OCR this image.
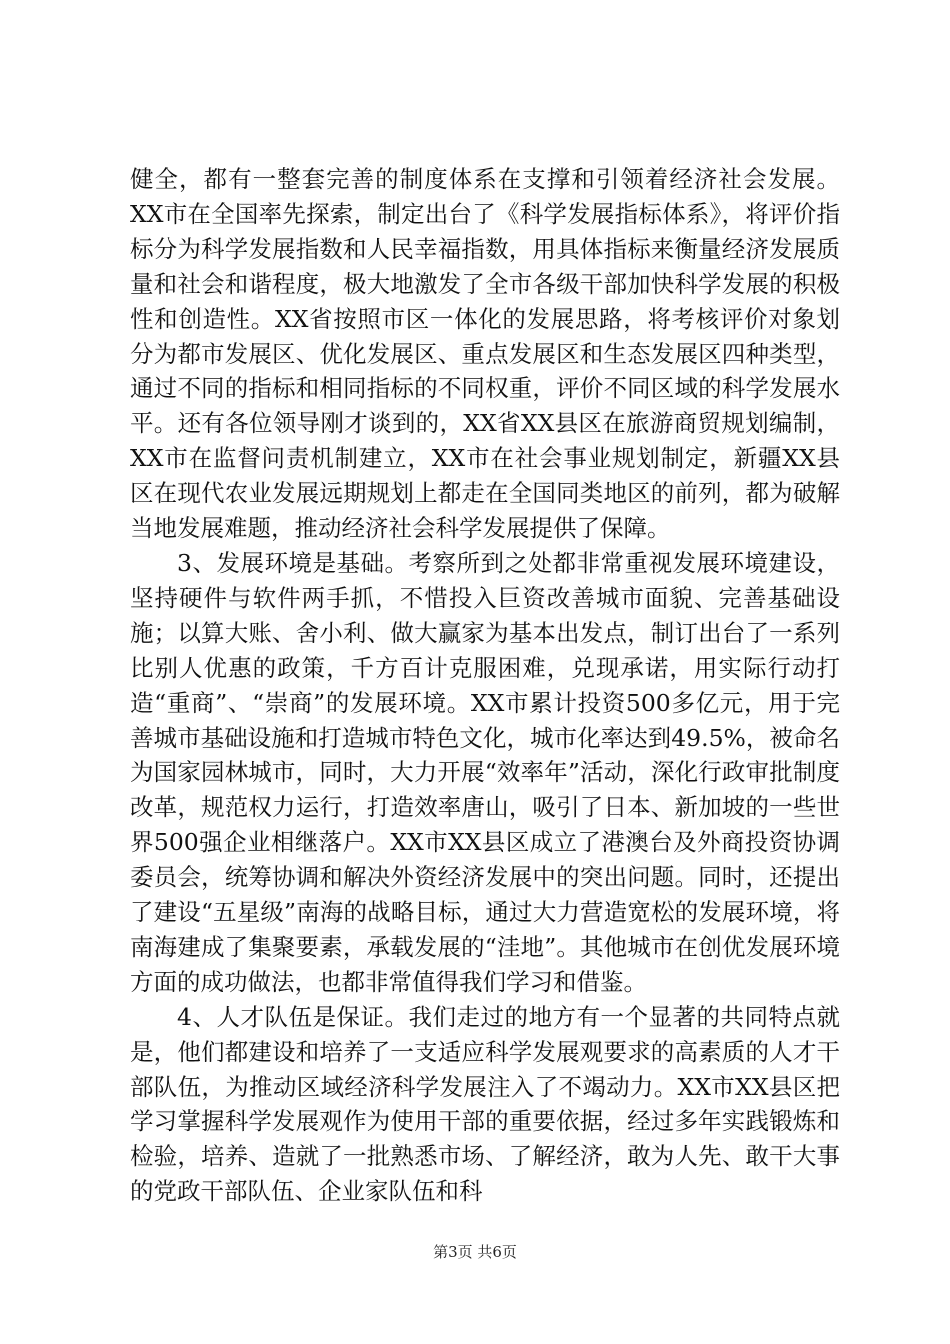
健全，都有一整套完善的制度体系在支撑和引领着经济社会发展。XX市在全国率先探索，制定出台了《科学发展指标体系》，将评价指标分为科学发展指数和人民幸福指数，用具体指标来衡量经济发展质量和社会和谐程度，极大地激发了全市各级干部加快科学发展的积极性和创造性。XX省按照市区一体化的发展思路，将考核评价对象划分为都市发展区、优化发展区、重点发展区和生态发展区四种类型，通过不同的指标和相同指标的不同权重，评价不同区域的科学发展水平。还有各位领导刚才谈到的，XX省XX县区在旅游商贸规划编制，XX市在监督问责机制建立，XX市在社会事业规划制定，新疆XX县区在现代农业发展远期规划上都走在全国同类地区的前列，都为破解当地发展难题，推动经济社会科学发展提供了保障。

3、发展环境是基础。考察所到之处都非常重视发展环境建设，坚持硬件与软件两手抓，不惜投入巨资改善城市面貌、完善基础设施；以算大账、舍小利、做大赢家为基本出发点，制订出台了一系列比别人优惠的政策，千方百计克服困难，兑现承诺，用实际行动打造“重商”、“崇商”的发展环境。XX市累计投资500多亿元，用于完善城市基础设施和打造城市特色文化，城市化率达到49.5%，被命名为国家园林城市，同时，大力开展“效率年”活动，深化行政审批制度改革，规范权力运行，打造效率唐山，吸引了日本、新加坡的一些世界500强企业相继落户。XX市XX县区成立了港澳台及外商投资协调委员会，统筹协调和解决外资经济发展中的突出问题。同时，还提出了建设“五星级”南海的战略目标，通过大力营造宽松的发展环境，将南海建成了集聚要素，承载发展的“洼地”。其他城市在创优发展环境方面的成功做法，也都非常值得我们学习和借鉴。

4、人才队伍是保证。我们走过的地方有一个显著的共同特点就是，他们都建设和培养了一支适应科学发展观要求的高素质的人才干部队伍，为推动区域经济科学发展注入了不竭动力。XX市XX县区把学习掌握科学发展观作为使用干部的重要依据，经过多年实践锻炼和检验，培养、造就了一批熟悉市场、了解经济，敢为人先、敢干大事的党政干部队伍、企业家队伍和科

第3页 共6页
